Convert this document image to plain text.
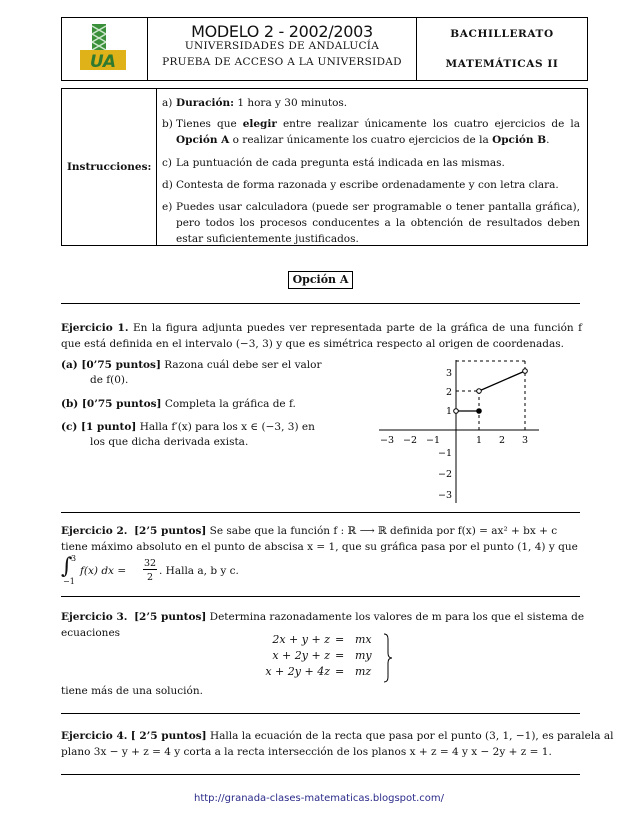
UA
MODELO 2 - 2002/2003
UNIVERSIDADES DE ANDALUCÍA
PRUEBA DE ACCESO A LA UNIVERSIDAD
BACHILLERATO
MATEMÁTICAS II
Instrucciones:
a) Duración: 1 hora y 30 minutos.
b) Tienes que elegir entre realizar únicamente los cuatro ejercicios de la Opción A o realizar únicamente los cuatro ejercicios de la Opción B.
c) La puntuación de cada pregunta está indicada en las mismas.
d) Contesta de forma razonada y escribe ordenadamente y con letra clara.
e) Puedes usar calculadora (puede ser programable o tener pantalla gráfica), pero todos los procesos conducentes a la obtención de resultados deben estar suficientemente justificados.
Opción A
Ejercicio 1. En la figura adjunta puedes ver representada parte de la gráfica de una función f que está definida en el intervalo (−3, 3) y que es simétrica respecto al origen de coordenadas.
(a) [0’75 puntos] Razona cuál debe ser el valor
de f(0).
(b) [0’75 puntos] Completa la gráfica de f.
(c) [1 punto] Halla f′(x) para los x ∈ (−3, 3) en
los que dicha derivada exista.	−3 −2 −1	1 2 3
1
2
3
−1
−2
−3
Ejercicio 2. [2’5 puntos] Se sabe que la función f : ℝ ⟶ ℝ definida por f(x) = ax² + bx + c
tiene máximo absoluto en el punto de abscisa x = 1, que su gráfica pasa por el punto (1, 4) y que
∫
3
−1
f(x) dx =
32
2
. Halla a, b y c.
Ejercicio 3. [2’5 puntos] Determina razonadamente los valores de m para los que el sistema de
ecuaciones	2x + y + z = mx
x + 2y + z = my
x + 2y + 4z = mz
tiene más de una solución.
Ejercicio 4. [ 2’5 puntos] Halla la ecuación de la recta que pasa por el punto (3, 1, −1), es paralela al
plano 3x − y + z = 4 y corta a la recta intersección de los planos x + z = 4 y x − 2y + z = 1.
http://granada-clases-matematicas.blogspot.com/
